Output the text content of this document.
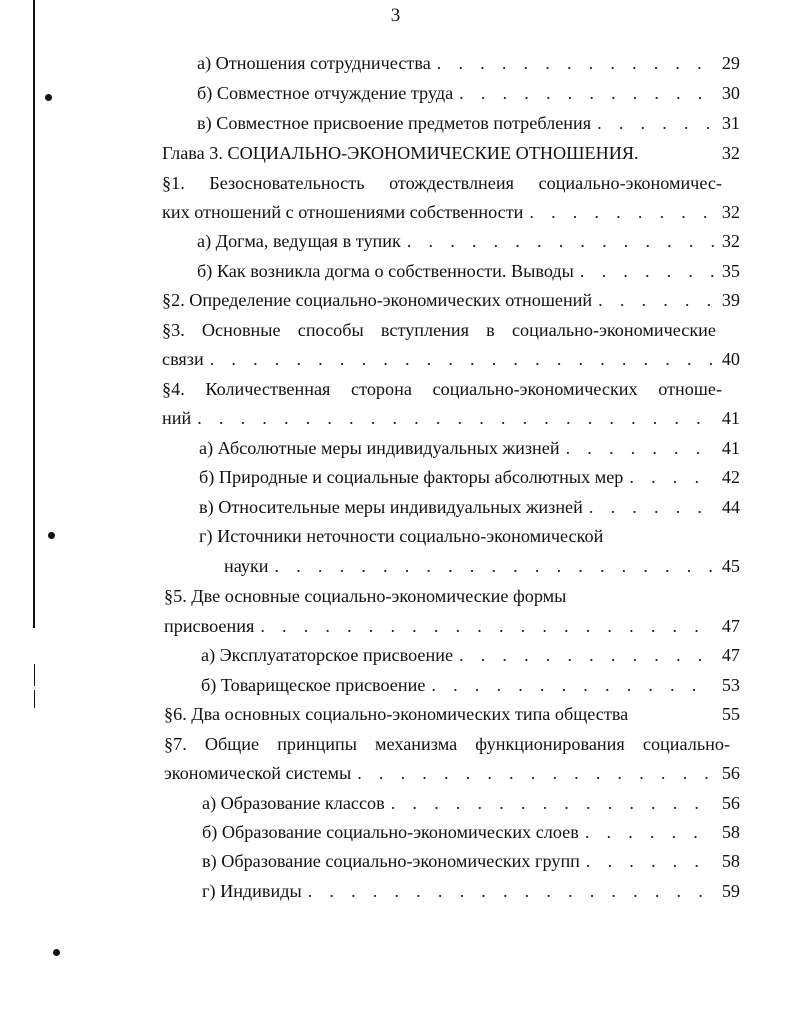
3
а) Отношения сотрудничества . . .	29
б) Совместное отчуждение труда . . .	30
в) Совместное присвоение предметов потребления . . .	31
Глава 3. СОЦИАЛЬНО-ЭКОНОМИЧЕСКИЕ ОТНОШЕНИЯ.	32
§1. Безосновательность отождествлнеия социально-экономичес-
ких отношений с отношениями собственности . . .	32
а) Догма, ведущая в тупик . . .	32
б) Как возникла догма о собственности. Выводы . . .	35
§2. Определение социально-экономических отношений . . .	39
§3. Основные способы вступления в социально-экономические
связи . . .	40
§4. Количественная сторона социально-экономических отноше-
ний . . .	41
а) Абсолютные меры индивидуальных жизней . . .	41
б) Природные и социальные факторы абсолютных мер . . .	42
в) Относительные меры индивидуальных жизней . . .	44
г) Источники неточности социально-экономической
науки . . .	45
§5. Две основные социально-экономические формы
присвоения . . .	47
а) Эксплуататорское присвоение . . .	47
б) Товарищеское присвоение . . .	53
§6. Два основных социально-экономических типа общества	55
§7. Общие принципы механизма функционирования социально-
экономической системы . . .	56
а) Образование классов . . .	56
б) Образование социально-экономических слоев . . .	58
в) Образование социально-экономических групп . . .	58
г) Индивиды . . .	59
